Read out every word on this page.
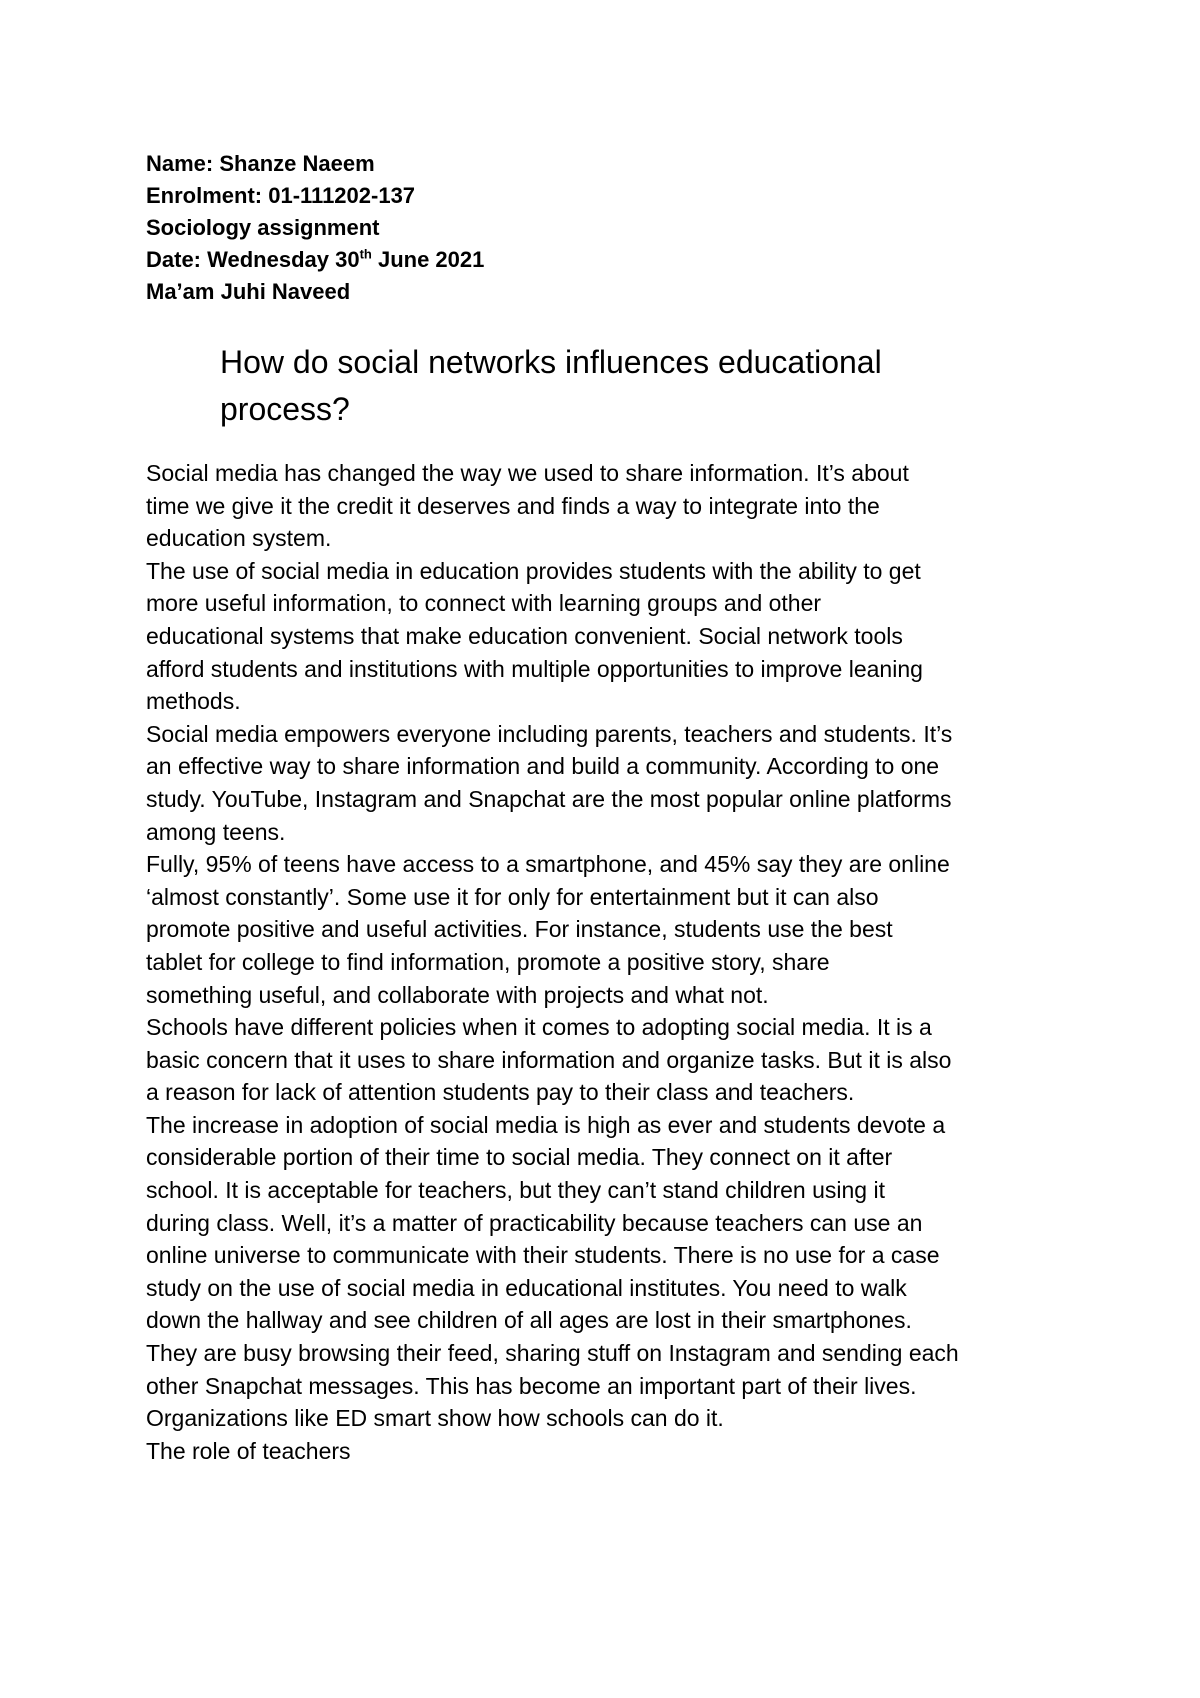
Name: Shanze Naeem
Enrolment: 01-111202-137
Sociology assignment
Date: Wednesday 30th June 2021
Ma’am Juhi Naveed
How do social networks influences educational
process?
Social media has changed the way we used to share information. It’s about
time we give it the credit it deserves and finds a way to integrate into the
education system.
The use of social media in education provides students with the ability to get
more useful information, to connect with learning groups and other
educational systems that make education convenient. Social network tools
afford students and institutions with multiple opportunities to improve leaning
methods.
Social media empowers everyone including parents, teachers and students. It’s
an effective way to share information and build a community. According to one
study. YouTube, Instagram and Snapchat are the most popular online platforms
among teens.
Fully, 95% of teens have access to a smartphone, and 45% say they are online
‘almost constantly’. Some use it for only for entertainment but it can also
promote positive and useful activities. For instance, students use the best
tablet for college to find information, promote a positive story, share
something useful, and collaborate with projects and what not.
Schools have different policies when it comes to adopting social media. It is a
basic concern that it uses to share information and organize tasks. But it is also
a reason for lack of attention students pay to their class and teachers.
The increase in adoption of social media is high as ever and students devote a
considerable portion of their time to social media. They connect on it after
school. It is acceptable for teachers, but they can’t stand children using it
during class. Well, it’s a matter of practicability because teachers can use an
online universe to communicate with their students. There is no use for a case
study on the use of social media in educational institutes. You need to walk
down the hallway and see children of all ages are lost in their smartphones.
They are busy browsing their feed, sharing stuff on Instagram and sending each
other Snapchat messages. This has become an important part of their lives.
Organizations like ED smart show how schools can do it.
The role of teachers
